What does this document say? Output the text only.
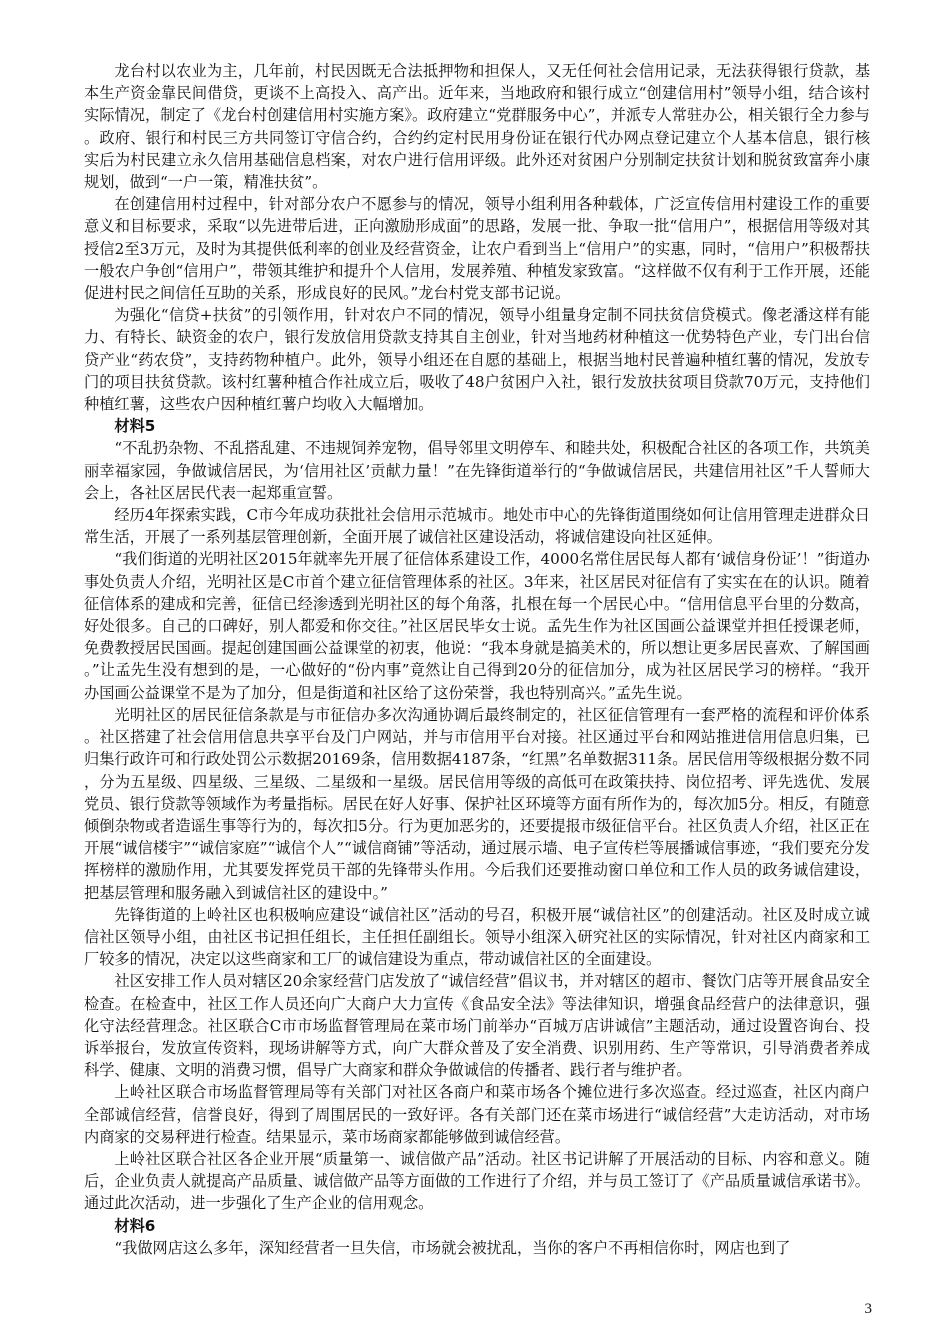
龙台村以农业为主，几年前，村民因既无合法抵押物和担保人，又无任何社会信用记录，无法获得银行贷款，基本生产资金靠民间借贷，更谈不上高投入、高产出。近年来，当地政府和银行成立“创建信用村”领导小组，结合该村实际情况，制定了《龙台村创建信用村实施方案》。政府建立“党群服务中心”，并派专人常驻办公，相关银行全力参与。政府、银行和村民三方共同签订守信合约，合约约定村民用身份证在银行代办网点登记建立个人基本信息，银行核实后为村民建立永久信用基础信息档案，对农户进行信用评级。此外还对贫困户分别制定扶贫计划和脱贫致富奔小康规划，做到“一户一策，精准扶贫”。

在创建信用村过程中，针对部分农户不愿参与的情况，领导小组利用各种载体，广泛宣传信用村建设工作的重要意义和目标要求，采取“以先进带后进，正向激励形成面”的思路，发展一批、争取一批“信用户”，根据信用等级对其授信2至3万元，及时为其提供低利率的创业及经营资金，让农户看到当上“信用户”的实惠，同时，“信用户”积极帮扶一般农户争创“信用户”，带领其维护和提升个人信用，发展养殖、种植发家致富。“这样做不仅有利于工作开展，还能促进村民之间信任互助的关系，形成良好的民风。”龙台村党支部书记说。

为强化“信贷+扶贫”的引领作用，针对农户不同的情况，领导小组量身定制不同扶贫信贷模式。像老潘这样有能力、有特长、缺资金的农户，银行发放信用贷款支持其自主创业，针对当地药材种植这一优势特色产业，专门出台信贷产业“药农贷”，支持药物种植户。此外，领导小组还在自愿的基础上，根据当地村民普遍种植红薯的情况，发放专门的项目扶贫贷款。该村红薯种植合作社成立后，吸收了48户贫困户入社，银行发放扶贫项目贷款70万元，支持他们种植红薯，这些农户因种植红薯户均收入大幅增加。

材料5

“不乱扔杂物、不乱搭乱建、不违规饲养宠物，倡导邻里文明停车、和睦共处，积极配合社区的各项工作，共筑美丽幸福家园，争做诚信居民，为‘信用社区’贡献力量！”在先锋街道举行的“争做诚信居民，共建信用社区”千人誓师大会上，各社区居民代表一起郑重宣誓。

经历4年探索实践，C市今年成功获批社会信用示范城市。地处市中心的先锋街道围绕如何让信用管理走进群众日常生活，开展了一系列基层管理创新，全面开展了诚信社区建设活动，将诚信建设向社区延伸。

“我们街道的光明社区2015年就率先开展了征信体系建设工作，4000名常住居民每人都有‘诚信身份证’！”街道办事处负责人介绍，光明社区是C市首个建立征信管理体系的社区。3年来，社区居民对征信有了实实在在的认识。随着征信体系的建成和完善，征信已经渗透到光明社区的每个角落，扎根在每一个居民心中。“信用信息平台里的分数高，好处很多。自己的口碑好，别人都爱和你交往。”社区居民毕女士说。孟先生作为社区国画公益课堂并担任授课老师，免费教授居民国画。提起创建国画公益课堂的初衷，他说：“我本身就是搞美术的，所以想让更多居民喜欢、了解国画。”让孟先生没有想到的是，一心做好的“份内事”竟然让自己得到20分的征信加分，成为社区居民学习的榜样。“我开办国画公益课堂不是为了加分，但是街道和社区给了这份荣誉，我也特别高兴。”孟先生说。

光明社区的居民征信条款是与市征信办多次沟通协调后最终制定的，社区征信管理有一套严格的流程和评价体系。社区搭建了社会信用信息共享平台及门户网站，并与市信用平台对接。社区通过平台和网站推进信用信息归集，已归集行政许可和行政处罚公示数据20169条，信用数据4187条，“红黑”名单数据311条。居民信用等级根据分数不同，分为五星级、四星级、三星级、二星级和一星级。居民信用等级的高低可在政策扶持、岗位招考、评先选优、发展党员、银行贷款等领域作为考量指标。居民在好人好事、保护社区环境等方面有所作为的，每次加5分。相反，有随意倾倒杂物或者造谣生事等行为的，每次扣5分。行为更加恶劣的，还要提报市级征信平台。社区负责人介绍，社区正在开展“诚信楼宇”“诚信家庭”“诚信个人”“诚信商铺”等活动，通过展示墙、电子宣传栏等展播诚信事迹，“我们要充分发挥榜样的激励作用，尤其要发挥党员干部的先锋带头作用。今后我们还要推动窗口单位和工作人员的政务诚信建设，把基层管理和服务融入到诚信社区的建设中。”

先锋街道的上岭社区也积极响应建设“诚信社区”活动的号召，积极开展“诚信社区”的创建活动。社区及时成立诚信社区领导小组，由社区书记担任组长，主任担任副组长。领导小组深入研究社区的实际情况，针对社区内商家和工厂较多的情况，决定以这些商家和工厂的诚信建设为重点，带动诚信社区的全面建设。

社区安排工作人员对辖区20余家经营门店发放了“诚信经营”倡议书，并对辖区的超市、餐饮门店等开展食品安全检查。在检查中，社区工作人员还向广大商户大力宣传《食品安全法》等法律知识，增强食品经营户的法律意识，强化守法经营理念。社区联合C市市场监督管理局在菜市场门前举办“百城万店讲诚信”主题活动，通过设置咨询台、投诉举报台，发放宣传资料，现场讲解等方式，向广大群众普及了安全消费、识别用药、生产等常识，引导消费者养成科学、健康、文明的消费习惯，倡导广大商家和群众争做诚信的传播者、践行者与维护者。

上岭社区联合市场监督管理局等有关部门对社区各商户和菜市场各个摊位进行多次巡查。经过巡查，社区内商户全部诚信经营，信誉良好，得到了周围居民的一致好评。各有关部门还在菜市场进行“诚信经营”大走访活动，对市场内商家的交易秤进行检查。结果显示，菜市场商家都能够做到诚信经营。

上岭社区联合社区各企业开展“质量第一、诚信做产品”活动。社区书记讲解了开展活动的目标、内容和意义。随后，企业负责人就提高产品质量、诚信做产品等方面做的工作进行了介绍，并与员工签订了《产品质量诚信承诺书》。通过此次活动，进一步强化了生产企业的信用观念。

材料6

“我做网店这么多年，深知经营者一旦失信，市场就会被扰乱，当你的客户不再相信你时，网店也到了

3
